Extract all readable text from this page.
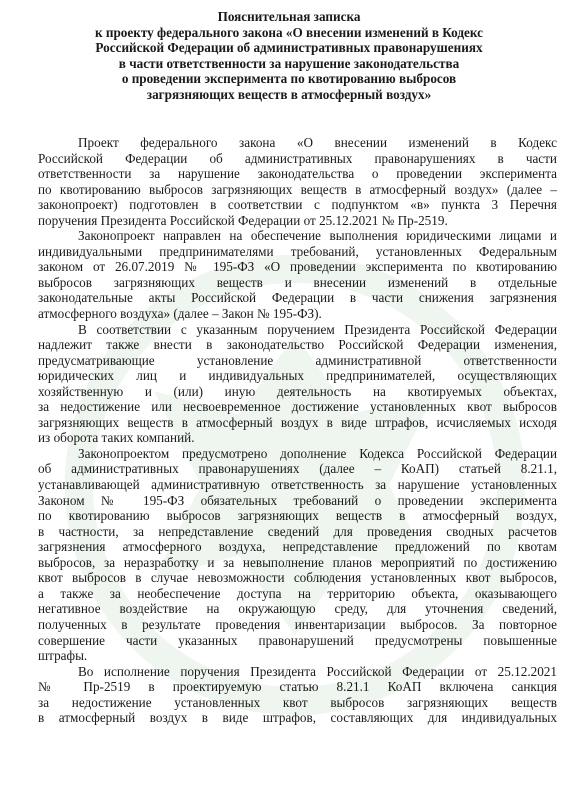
Пояснительная записка
к проекту федерального закона «О внесении изменений в Кодекс
Российской Федерации об административных правонарушениях
в части ответственности за нарушение законодательства
о проведении эксперимента по квотированию выбросов
загрязняющих веществ в атмосферный воздух»
Проект федерального закона «О внесении изменений в Кодекс
Российской Федерации об административных правонарушениях в части
ответственности за нарушение законодательства о проведении эксперимента
по квотированию выбросов загрязняющих веществ в атмосферный воздух» (далее –
законопроект) подготовлен в соответствии с подпунктом «в» пункта 3 Перечня
поручения Президента Российской Федерации от 25.12.2021 № Пр-2519.
Законопроект направлен на обеспечение выполнения юридическими лицами и
индивидуальными предпринимателями требований, установленных Федеральным
законом от 26.07.2019 № 195-ФЗ «О проведении эксперимента по квотированию
выбросов загрязняющих веществ и внесении изменений в отдельные
законодательные акты Российской Федерации в части снижения загрязнения
атмосферного воздуха» (далее – Закон № 195-ФЗ).
В соответствии с указанным поручением Президента Российской Федерации
надлежит также внести в законодательство Российской Федерации изменения,
предусматривающие установление административной ответственности
юридических лиц и индивидуальных предпринимателей, осуществляющих
хозяйственную и (или) иную деятельность на квотируемых объектах,
за недостижение или несвоевременное достижение установленных квот выбросов
загрязняющих веществ в атмосферный воздух в виде штрафов, исчисляемых исходя
из оборота таких компаний.
Законопроектом предусмотрено дополнение Кодекса Российской Федерации
об административных правонарушениях (далее – КоАП) статьей 8.21.1,
устанавливающей административную ответственность за нарушение установленных
Законом № 195-ФЗ обязательных требований о проведении эксперимента
по квотированию выбросов загрязняющих веществ в атмосферный воздух,
в частности, за непредставление сведений для проведения сводных расчетов
загрязнения атмосферного воздуха, непредставление предложений по квотам
выбросов, за неразработку и за невыполнение планов мероприятий по достижению
квот выбросов в случае невозможности соблюдения установленных квот выбросов,
а также за необеспечение доступа на территорию объекта, оказывающего
негативное воздействие на окружающую среду, для уточнения сведений,
полученных в результате проведения инвентаризации выбросов. За повторное
совершение части указанных правонарушений предусмотрены повышенные
штрафы.
Во исполнение поручения Президента Российской Федерации от 25.12.2021
№ Пр-2519 в проектируемую статью 8.21.1 КоАП включена санкция
за недостижение установленных квот выбросов загрязняющих веществ
в атмосферный воздух в виде штрафов, составляющих для индивидуальных
